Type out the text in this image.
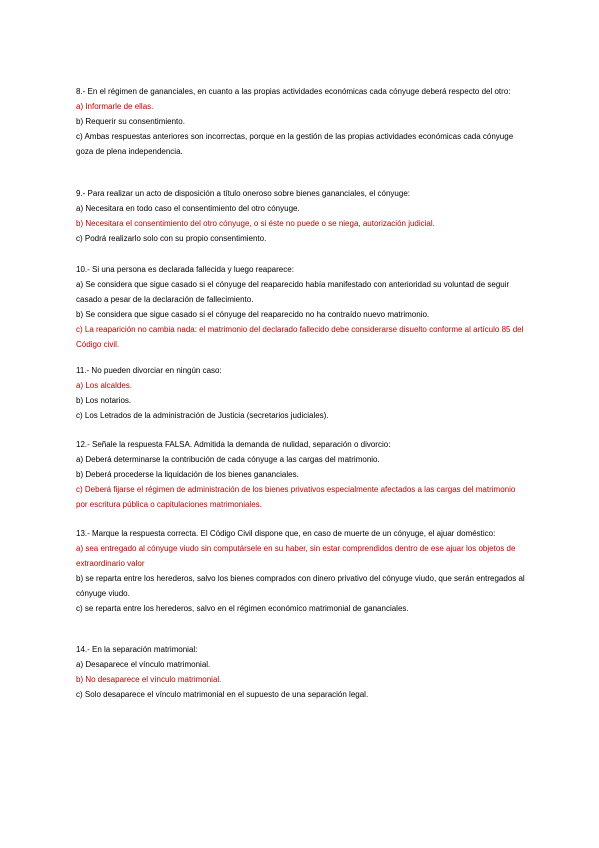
8.- En el régimen de gananciales, en cuanto a las propias actividades económicas cada cónyuge deberá respecto del otro:

a) Informarle de ellas.

b) Requerir su consentimiento.

c) Ambas respuestas anteriores son incorrectas, porque en la gestión de las propias actividades económicas cada cónyuge goza de plena independencia.

9.- Para realizar un acto de disposición a título oneroso sobre bienes gananciales, el cónyuge:

a) Necesitara en todo caso el consentimiento del otro cónyuge.

b) Necesitara el consentimiento del otro cónyuge, o si éste no puede o se niega, autorización judicial.

c) Podrá realizarlo solo con su propio consentimiento.

10.- Si una persona es declarada fallecida y luego reaparece:

a) Se considera que sigue casado si el cónyuge del reaparecido había manifestado con anterioridad su voluntad de seguir casado a pesar de la declaración de fallecimiento.

b) Se considera que sigue casado si el cónyuge del reaparecido no ha contraído nuevo matrimonio.

c) La reaparición no cambia nada: el matrimonio del declarado fallecido debe considerarse disuelto conforme al artículo 85 del Código civil.

11.- No pueden divorciar en ningún caso:

a) Los alcaldes.

b) Los notarios.

c) Los Letrados de la administración de Justicia (secretarios judiciales).

12.- Señale la respuesta FALSA. Admitida la demanda de nulidad, separación o divorcio:

a) Deberá determinarse la contribución de cada cónyuge a las cargas del matrimonio.

b) Deberá procederse la liquidación de los bienes gananciales.

c) Deberá fijarse el régimen de administración de los bienes privativos especialmente afectados a las cargas del matrimonio por escritura pública o capitulaciones matrimoniales.

13.- Marque la respuesta correcta. El Código Civil dispone que, en caso de muerte de un cónyuge, el ajuar doméstico:

a) sea entregado al cónyuge viudo sin computársele en su haber, sin estar comprendidos dentro de ese ajuar los objetos de extraordinario valor

b) se reparta entre los herederos, salvo los bienes comprados con dinero privativo del cónyuge viudo, que serán entregados al cónyuge viudo.

c) se reparta entre los herederos, salvo en el régimen económico matrimonial de gananciales.

14.- En la separación matrimonial:

a) Desaparece el vínculo matrimonial.

b) No desaparece el vínculo matrimonial.

c) Solo desaparece el vínculo matrimonial en el supuesto de una separación legal.
